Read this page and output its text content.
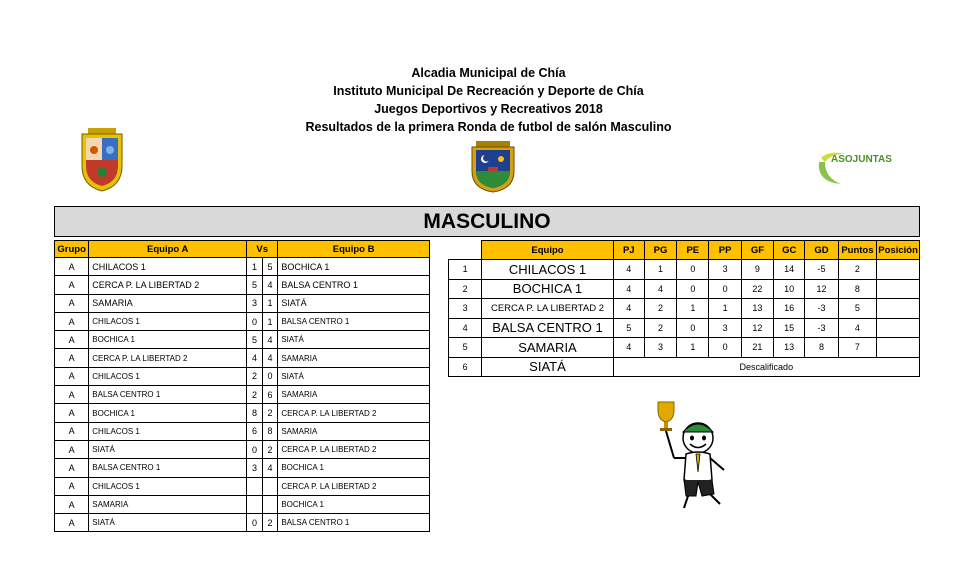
Alcadia Municipal de Chía
Instituto Municipal De Recreación y Deporte de Chía
Juegos Deportivos y Recreativos 2018
Resultados de la primera Ronda de futbol de salón Masculino
ASOJUNTAS
MASCULINO
Grupo	Equipo A	Vs		Equipo B
A	CHILACOS 1	1	5	BOCHICA 1
A	CERCA P. LA LIBERTAD 2	5	4	BALSA CENTRO 1
A	SAMARIA	3	1	SIATÁ
A	CHILACOS 1	0	1	BALSA CENTRO 1
A	BOCHICA 1	5	4	SIATÁ
A	CERCA P. LA LIBERTAD 2	4	4	SAMARIA
A	CHILACOS 1	2	0	SIATÁ
A	BALSA CENTRO 1	2	6	SAMARIA
A	BOCHICA 1	8	2	CERCA P. LA LIBERTAD 2
A	CHILACOS 1	6	8	SAMARIA
A	SIATÁ	0	2	CERCA P. LA LIBERTAD 2
A	BALSA CENTRO 1	3	4	BOCHICA 1
A	CHILACOS 1			CERCA P. LA LIBERTAD 2
A	SAMARIA			BOCHICA 1
A	SIATÁ	0	2	BALSA CENTRO 1
	Equipo	PJ	PG	PE	PP	GF	GC	GD	Puntos	Posición
1	CHILACOS 1	4	1	0	3	9	14	-5	2	
2	BOCHICA 1	4	4	0	0	22	10	12	8	
3	CERCA P. LA LIBERTAD 2	4	2	1	1	13	16	-3	5	
4	BALSA CENTRO 1	5	2	0	3	12	15	-3	4	
5	SAMARIA	4	3	1	0	21	13	8	7	
6	SIATÁ	Descalificado								
